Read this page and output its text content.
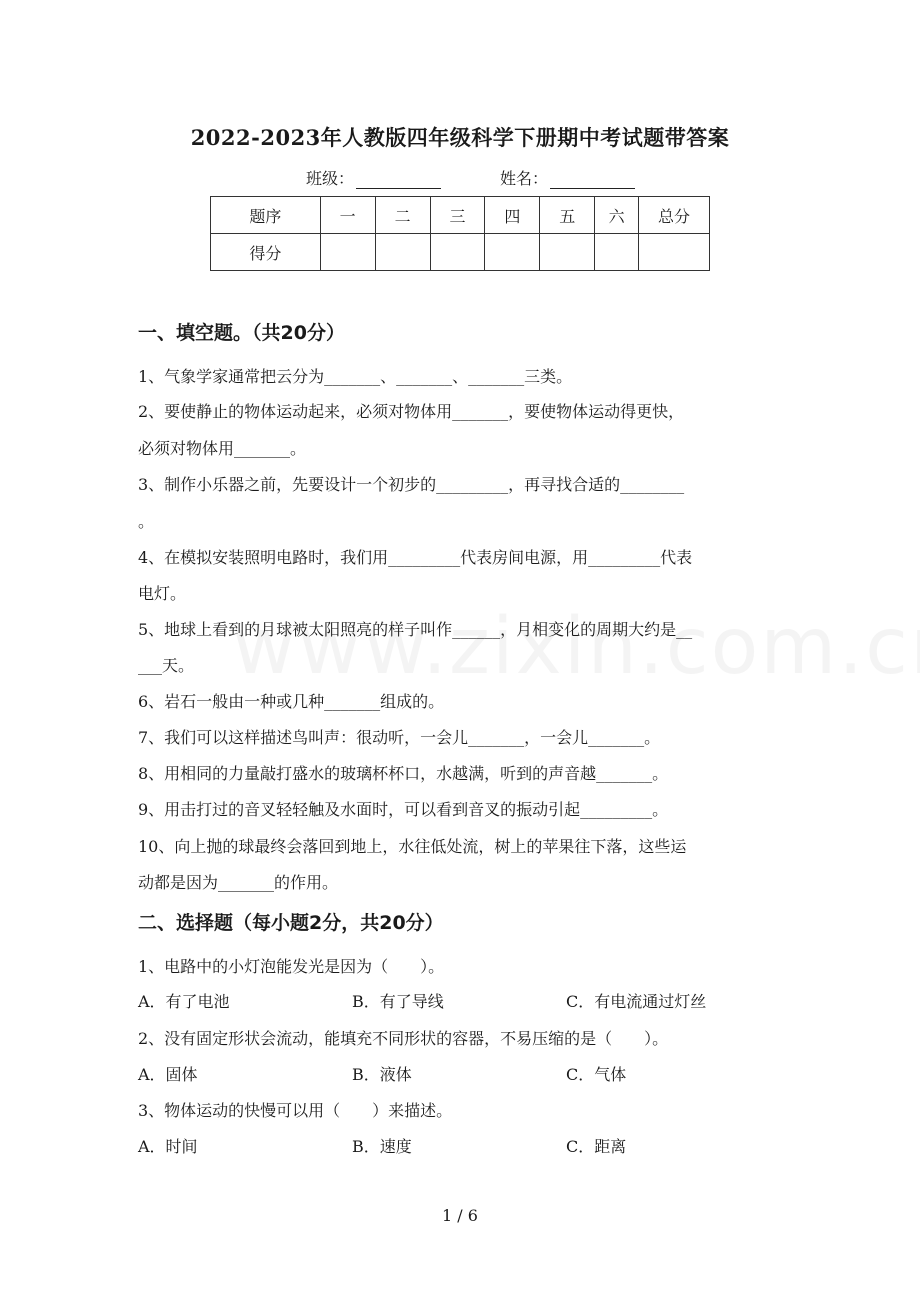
2022-2023年人教版四年级科学下册期中考试题带答案
班级：	姓名：
题序	一	二	三	四	五	六	总分
得分							
一、填空题。（共20分）
1、气象学家通常把云分为_______、_______、_______三类。
2、要使静止的物体运动起来，必须对物体用_______，要使物体运动得更快，
必须对物体用_______。
3、制作小乐器之前，先要设计一个初步的_________，再寻找合适的________
。
4、在模拟安装照明电路时，我们用_________代表房间电源，用_________代表
电灯。
5、地球上看到的月球被太阳照亮的样子叫作______，月相变化的周期大约是__
___天。
6、岩石一般由一种或几种_______组成的。
7、我们可以这样描述鸟叫声：很动听，一会儿_______，一会儿_______。
8、用相同的力量敲打盛水的玻璃杯杯口，水越满，听到的声音越_______。
9、用击打过的音叉轻轻触及水面时，可以看到音叉的振动引起_________。
10、向上抛的球最终会落回到地上，水往低处流，树上的苹果往下落，这些运
动都是因为_______的作用。
二、选择题（每小题2分，共20分）
1、电路中的小灯泡能发光是因为（　　）。
A．有了电池	B．有了导线	C．有电流通过灯丝
2、没有固定形状会流动，能填充不同形状的容器，不易压缩的是（　　）。
A．固体	B．液体	C．气体
3、物体运动的快慢可以用（　　）来描述。
A．时间	B．速度	C．距离
1 / 6
